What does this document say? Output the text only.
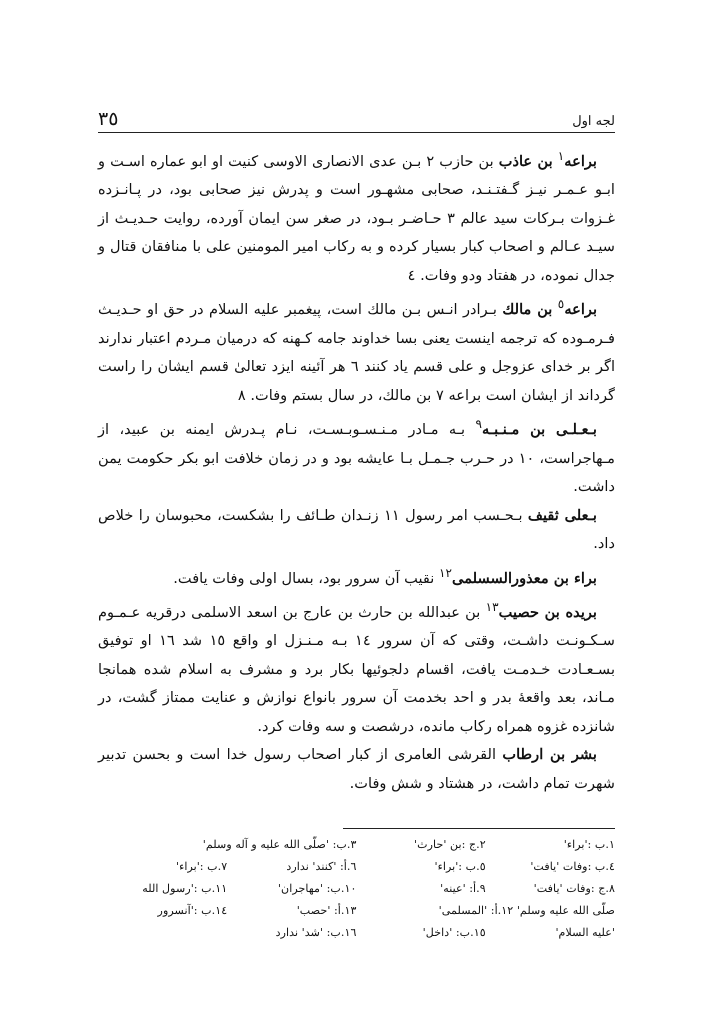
٣٥	لجه اول

براعه$^١$ بن عاذب بن حازب ٢ بـن عدی الانصاری الاوسی کنیت او ابو عماره اسـت و ابـو عـمـر نیـز گـفتـنـد، صحابی مشهـور است و پدرش نیز صحابی بود، در پـانـزده غـزوات بـرکات سید عالم ٣ حـاضـر بـود، در صغر سن ایمان آورده، روایت حـدیـث از سیـد عـالم و اصحاب کبار بسیار کرده و به رکاب امیر المومنین علی با منافقان قتال و جدال نموده، در هفتاد ودو وفات. ٤

براعه$^٥$ بن مالك بـرادر انـس بـن مالك است، پیغمبر علیه السلام در حق او حـدیـث فـرمـوده که ترجمه اینست یعنی بسا خداوند جامه کـهنه که درمیان مـردم اعتبار ندارند اگر بر خدای عزوجل و علی قسم یاد کنند ٦ هر آئینه ایزد تعالیٰ قسم ایشان را راست گرداند از ایشان است براعه ٧ بن مالك، در سال بستم وفات. ٨

بـعـلـی بن مـنـبـه$^٩$ بـه مـادر مـنـسـوبـسـت، نـام پـدرش ایمنه بن عبید، از مـهاجراست، ١٠ در حـرب جـمـل بـا عایشه بود و در زمان خلافت ابو بکر حکومت یمن داشت.

بـعلی ثقیف بـحـسب امر رسول ١١ زنـدان طـائف را بشکست، محبوسان را خلاص داد.

براء بن معذورالسسلمی$^{١٢}$ نقیب آن سرور بود، بسال اولی وفات یافت.

بریده بن حصیب$^{١٣}$ بن عبدالله بن حارث بن عارج بن اسعد الاسلمی درقریه عـمـوم سـکـونـت داشـت، وقتی که آن سرور ١٤ بـه مـنـزل او واقع ١٥ شد ١٦ او توفیق بسـعـادت خـدمـت یافت، اقسام دلجوئیها بکار برد و مشرف به اسلام شده همانجا مـاند، بعد واقعهٔ بدر و احد بخدمت آن سرور بانواع نوازش و عنایت ممتاز گشت، در شانزده غزوه همراه رکاب مانده، درشصت و سه وفات کرد.

بشر بن ارطاب القرشی العامری از کبار اصحاب رسول خدا است و بحسن تدبیر شهرت تمام داشت، در هشتاد و شش وفات.

١.ب :'براء'
٢.ج :بن 'حارث'
٣.ب: 'صلّی الله علیه و آله وسلم'
٤.ب :وفات 'یافت'
٥.ب :'براء'
٦.أ: 'کنند' ندارد
٧.ب :'براء'
٨.ج :وفات 'یافت'
٩.أ: 'عینه'
١٠.ب: 'مهاجران'
١١.ب :'رسول الله
صلّی الله علیه وسلم' ١٢.أ: 'المسلمی'
١٣.أ: 'حصب'
١٤.ب :'آنسرور
'علیه السلام'
١٥.ب: 'داخل'
١٦.ب: 'شد' ندارد
